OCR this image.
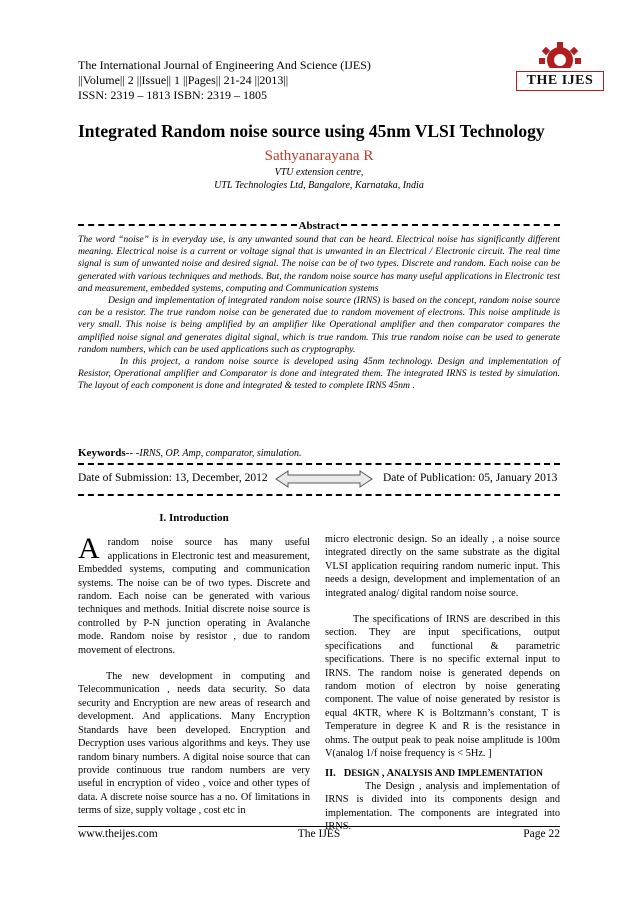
The International Journal of Engineering And Science (IJES)
||Volume|| 2 ||Issue|| 1 ||Pages|| 21-24 ||2013||
ISSN: 2319 – 1813 ISBN: 2319 – 1805
THE IJES
Integrated Random noise source using 45nm VLSI Technology
Sathyanarayana R
VTU extension centre,
UTL Technologies Ltd, Bangalore, Karnataka, India
Abstract

The word “noise” is in everyday use, is any unwanted sound that can be heard. Electrical noise has significantly different meaning. Electrical noise is a current or voltage signal that is unwanted in an Electrical / Electronic circuit. The real time signal is sum of unwanted noise and desired signal. The noise can be of two types. Discrete and random. Each noise can be generated with various techniques and methods. But, the random noise source has many useful applications in Electronic test and measurement, embedded systems, computing and Communication systems

Design and implementation of integrated random noise source (IRNS) is based on the concept, random noise source can be a resistor. The true random noise can be generated due to random movement of electrons. This noise amplitude is very small. This noise is being amplified by an amplifier like Operational amplifier and then comparator compares the amplified noise signal and generates digital signal, which is true random. This true random noise can be used to generate random numbers, which can be used applications such as cryptography.

In this project, a random noise source is developed using 45nm technology. Design and implementation of Resistor, Operational amplifier and Comparator is done and integrated them. The integrated IRNS is tested by simulation. The layout of each component is done and integrated & tested to complete IRNS 45nm .

Keywords-- -IRNS, OP. Amp, comparator, simulation.
Date of Submission: 13, December, 2012	Date of Publication: 05, January 2013

I. Introduction

Arandom noise source has many useful applications in Electronic test and measurement, Embedded systems, computing and communication systems. The noise can be of two types. Discrete and random. Each noise can be generated with various techniques and methods. Initial discrete noise source is controlled by P-N junction operating in Avalanche mode. Random noise by resistor , due to random movement of electrons.

The new development in computing and Telecommunication , needs data security. So data security and Encryption are new areas of research and development. And applications. Many Encryption Standards have been developed. Encryption and Decryption uses various algorithms and keys. They use random binary numbers. A digital noise source that can provide continuous true random numbers are very useful in encryption of video , voice and other types of data. A discrete noise source has a no. Of limitations in terms of size, supply voltage , cost etc in

micro electronic design. So an ideally , a noise source integrated directly on the same substrate as the digital VLSI application requiring random numeric input. This needs a design, development and implementation of an integrated analog/ digital random noise source.

The specifications of IRNS are described in this section. They are input specifications, output specifications and functional & parametric specifications. There is no specific external input to IRNS. The random noise is generated depends on random motion of electron by noise generating component. The value of noise generated by resistor is equal 4KTR, where K is Boltzmann’s constant, T is Temperature in degree K and R is the resistance in ohms. The output peak to peak noise amplitude is 100m V(analog 1/f noise frequency is < 5Hz. ]

II. DESIGN , ANALYSIS AND IMPLEMENTATION

The Design , analysis and implementation of IRNS is divided into its components design and implementation. The components are integrated into IRNS.

www.theijes.com	The IJES	Page 22
